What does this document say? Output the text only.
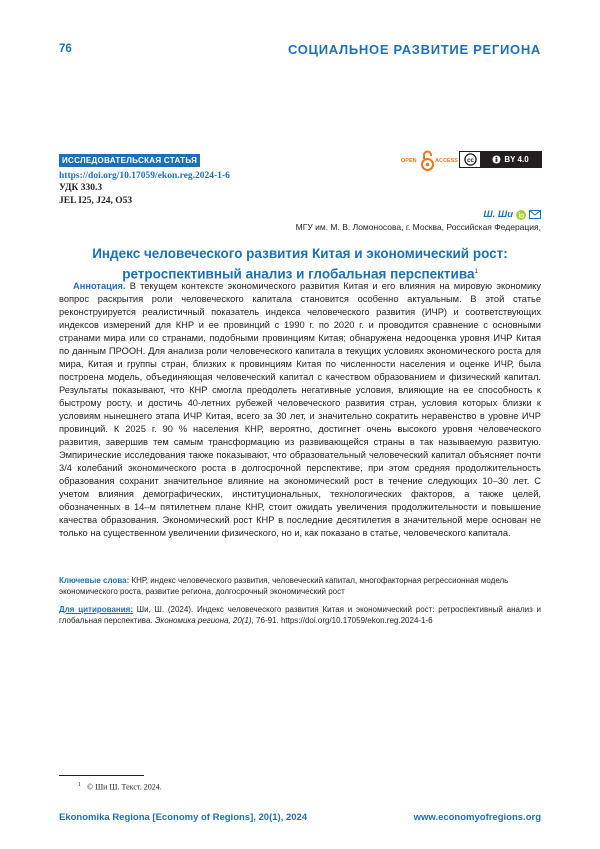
76	СОЦИАЛЬНОЕ РАЗВИТИЕ РЕГИОНА
ИССЛЕДОВАТЕЛЬСКАЯ СТАТЬЯ
https://doi.org/10.17059/ekon.reg.2024-1-6
УДК 330.3
JEL I25, J24, O53
OPEN	ACCESS cc	BY 4.0
Ш. Ши
МГУ им. М. В. Ломоносова, г. Москва, Российская Федерация,
Индекс человеческого развития Китая и экономический рост:
ретроспективный анализ и глобальная перспектива$^1$

Аннотация. В текущем контексте экономического развития Китая и его влияния на мировую экономику вопрос раскрытия роли человеческого капитала становится особенно актуальным. В этой статье реконструируется реалистичный показатель индекса человеческого развития (ИЧР) и соответствующих индексов измерений для КНР и ее провинций с 1990 г. по 2020 г. и проводится сравнение с основными странами мира или со странами, подобными провинциям Китая; обнаружена недооценка уровня ИЧР Китая по данным ПРООН. Для анализа роли человеческого капитала в текущих условиях экономического роста для мира, Китая и группы стран, близких к провинциям Китая по численности населения и оценке ИЧР, была построена модель, объединяющая человеческий капитал с качеством образованием и физический капитал. Результаты показывают, что КНР смогла преодолеть негативные условия, влияющие на ее способность к быстрому росту, и достичь 40-летних рубежей человеческого развития стран, условия которых близки к условиям нынешнего этапа ИЧР Китая, всего за 30 лет, и значительно сократить неравенство в уровне ИЧР провинций. К 2025 г. 90 % населения КНР, вероятно, достигнет очень высокого уровня человеческого развития, завершив тем самым трансформацию из развивающейся страны в так называемую развитую. Эмпирические исследования также показывают, что образовательный человеческий капитал объясняет почти 3/4 колебаний экономического роста в долгосрочной перспективе, при этом средняя продолжительность образования сохранит значительное влияние на экономический рост в течение следующих 10–30 лет. С учетом влияния демографических, институциональных, технологических факторов, а также целей, обозначенных в 14–м пятилетнем плане КНР, стоит ожидать увеличения продолжительности и повышение качества образования. Экономический рост КНР в последние десятилетия в значительной мере основан не только на существенном увеличении физического, но и, как показано в статье, человеческого капитала.

Ключевые слова: КНР, индекс человеческого развития, человеческий капитал, многофакторная регрессионная модель экономического роста, развитие региона, долгосрочный экономический рост
Для цитирования: Ши, Ш. (2024). Индекс человеческого развития Китая и экономический рост: ретроспективный анализ и глобальная перспектива. Экономика региона, 20(1), 76-91. https://doi.org/10.17059/ekon.reg.2024-1-6
$^1$ © Ши Ш. Текст. 2024.
Ekonomika Regiona [Economy of Regions], 20(1), 2024	www.economyofregions.org
